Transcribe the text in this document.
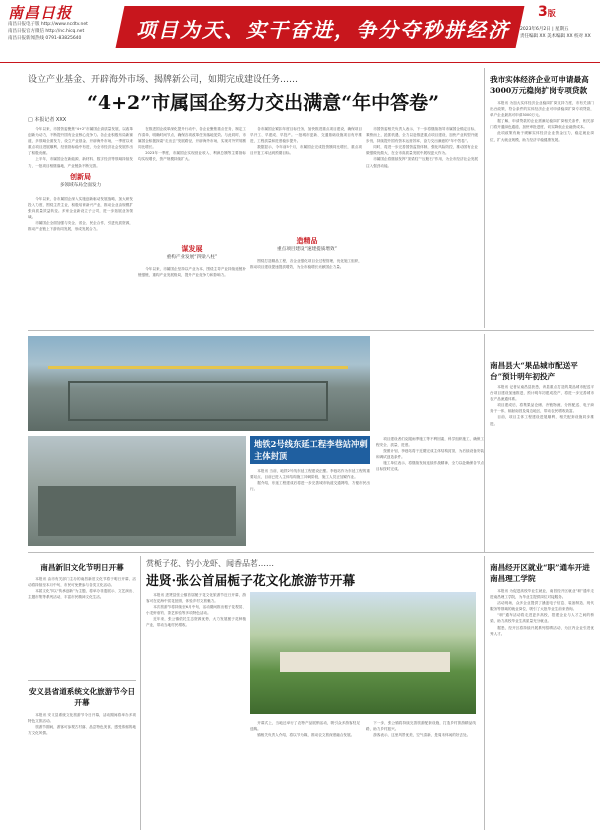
南昌日报
南昌日报电子版 http://www.ncdtv.net
南昌日报官方微信 http://nc.hicq.net
南昌日报新闻热线 0791-83825640	项目为天、实干奋进，争分夺秒拼经济
3版
2023年6月2日 | 星期五
责任编辑 XX 美术编辑 XX 校对 XX
设立产业基金、开辟海外市场、揭牌新公司，如期完成建设任务……
“4+2”市属国企努力交出满意“年中答卷”
□ 本报记者 XXX

今年以来，市国资委聚焦“4+2”市属国企高质量发展，以改革创新为动力，不断提升国有企业核心竞争力。各企业积极布局新赛道，多领域全面发力，设立产业基金、开辟海外市场，一季度以来重点项目进展顺利，经营指标稳中有进，为全市经济社会发展作出了积极贡献。

上半年，市属国企在新能源、新材料、数字经济等领域持续发力，一批项目相继落地，产业链条不断完善。

创新局
多领域布局全面发力

今年以来，各市属国企深入实施创新驱动发展战略，加大研发投入力度，围绕主责主业，积极培育新兴产业，推动企业由规模扩张向质量效益转变。多家企业新设立子公司，进一步拓展业务领域。

市属国企全面加强与央企、省企、民企合作，引进优质资源，推动产业链上下游协同发展，形成发展合力。

在推进国企改革深化提升行动中，各企业聚焦重点任务，制定工作清单，明确时间节点，确保各项改革任务落地见效。与此同时，市属国企积极探索“走出去”发展路径，开辟海外市场，实现对外贸易额同比增长。

2023年一季度，市属国企实现营业收入、利润总额等主要指标均实现增长，资产规模持续扩大。

谋发展
重构产业发展“四梁八柱”

今年以来，市属国企坚持以产业为本，围绕主导产业持续延链补链强链，重构产业发展格局，提升产业竞争力和影响力。

各市属国企紧扣年度目标任务，加快推进重点项目建设，确保项目早开工、早建成、早投产。一批城市更新、交通基础设施项目有序推进，工程质量和进度稳步提升。

数据显示，今年前5个月，市属国企完成投资额同比增长，重点项目开复工率达到预期目标。

造精品
重点项目建设“速建提质增效”

围绕打造精品工程，各企业强化项目全过程管理，优化施工组织，推动项目建设提速提质增效，为全市稳增长贡献国企力量。

市国资委相关负责人表示，下一步将继续指导市属国企锚定目标，乘势而上，抢抓机遇，全力以赴推进重点项目建设，加快产业转型升级步伐，持续提升国有资本运营效率，奋力交出满意的“年中答卷”。

同时，将进一步完善国资监管体制，强化风险防控，推动国有企业做强做优做大，在全市高质量发展中展现更大作为。

市属国企将继续发挥“顶梁柱”“压舱石”作用，为全市经济社会发展注入强劲动能。

我市实体经济企业可申请最高3000万元稳岗扩岗专项贷款

本报讯 为加大实体经济企业稳岗扩岗支持力度，市有关部门出台政策，符合条件的实体经济企业可申请稳岗扩岗专项贷款，单户企业最高可申请3000万元。

据了解，申请贷款的企业需满足稳岗扩岗相关条件，相关部门将开通绿色通道，加快审批进度，切实降低企业融资成本。

此项政策有助于缓解实体经济企业资金压力，稳定就业岗位，扩大就业规模，助力经济平稳健康发展。

地铁2号线东延工程李巷站冲刺主体封顶

本报讯 当前，地铁2号线东延工程建设正酣。李巷站作为东延工程的重要站点，目前已进入主体结构施工冲刺阶段，施工人员正加紧作业。

据介绍，东延工程建成后将进一步完善城市轨道交通网络，方便市民出行。

项目建设者们克服雨季施工等不利因素，科学组织施工，确保工程安全、质量、进度。

按照计划，李巷站将于近期完成主体结构封顶，为后续设备安装和调试创造条件。

施工单位表示，将继续发扬连续作战精神，全力以赴确保各节点目标按时完成。

南昌县大“果品城市配送平台”预计明年初投产

本报讯 记者从南昌县获悉，该县重点打造的果品城市配送平台项目建设加速推进，预计明年初建成投产，将进一步完善城市农产品流通体系。

项目建成后，将集果品仓储、冷链物流、分拣配送、电子商务于一体，辐射南昌及周边地区，带动农民增收致富。

目前，项目主体工程建设进展顺利，相关配套设施同步推进。

南昌新旧文化节明日开幕

本报讯 由市有关部门主办的南昌新旧文化节将于明日开幕，活动将持续至本月中旬，市民可免费参与各类文化活动。

本届文化节以“传承创新”为主题，将举办非遗展示、文艺演出、主题市集等系列活动，丰富市民精神文化生活。

安义县省道系统文化旅游节今日开幕

本报讯 安义县系统文化旅游节今日开幕，活动期间将举办多项特色文旅活动。

旅游节期间，游客可参观古村落、品尝特色美食，感受浓郁的地方文化风情。

赏栀子花、钓小龙虾、闻香品茗……
进贤·张公首届栀子花文化旅游节开幕

本报讯 进贤县张公镇首届栀子花文化旅游节近日开幕，游客可在花海中赏花拍照，体验乡村文旅魅力。

本次旅游节将持续至6月中旬，活动期间推出栀子花观赏、小龙虾垂钓、茶艺体验等多项特色活动。

近年来，张公镇依托生态资源优势，大力发展栀子花种植产业，带动当地村民增收。

开幕式上，当地还举行了农特产品展销活动，吸引众多游客驻足选购。

镇相关负责人介绍，将以节为媒，推动农文旅深度融合发展。

下一步，张公镇将持续完善旅游配套设施，打造乡村旅游精品线路，助力乡村振兴。

游客表示，这里风景优美，空气清新，是周末休闲的好去处。

南昌经开区就业“职”通车开进南昌理工学院

本报讯 为促进高校毕业生就业，南昌经开区就业“职”通车走进南昌理工学院，为毕业生提供岗位对接服务。

活动现场，众多企业提供了涵盖电子信息、装备制造、现代服务等领域的就业岗位，吸引了大批毕业生前来咨询。

“职”通车活动将走进更多高校，搭建企业与人才之间的桥梁，助力高校毕业生高质量充分就业。

据悉，经开区将持续开展系列招聘活动，为区内企业引进优秀人才。
